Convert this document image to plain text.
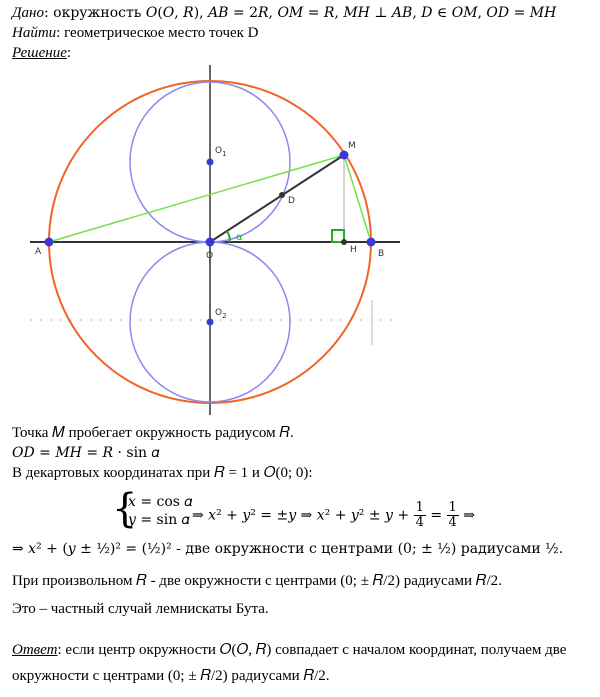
Дано: окружность 𝑂(𝑂, 𝑅), 𝐴𝐵 = 2𝑅, 𝑂𝑀 = 𝑅, 𝑀𝐻 ⊥ 𝐴𝐵, 𝐷 ∈ 𝑂𝑀, 𝑂𝐷 = 𝑀𝐻
Найти: геометрическое место точек D
Решение:
A	B
O
M
H
D
$O_1$
$O_2$
α
Точка 𝑀 пробегает окружность радиусом 𝑅.
𝑂𝐷 = 𝑀𝐻 = 𝑅 · sin 𝛼
В декартовых координатах при 𝑅 = 1 и 𝑂(0; 0):
{
𝑥 = cos 𝛼
𝑦 = sin 𝛼 ⇒ 𝑥² + 𝑦² = ±𝑦 ⇒ 𝑥² + 𝑦² ± 𝑦 + $\frac{1}{4} = \frac{1}{4}$ ⇒
⇒ 𝑥² + (𝑦 ± ½)² = (½)² - две окружности с центрами (0; ± ½) радиусами ½.
При произвольном 𝑅 - две окружности с центрами (0; ± 𝑅/2) радиусами 𝑅/2.
Это – частный случай лемнискаты Бута.
Ответ: если центр окружности 𝑂(𝑂, 𝑅) совпадает с началом координат, получаем две
окружности с центрами (0; ± 𝑅/2) радиусами 𝑅/2.
